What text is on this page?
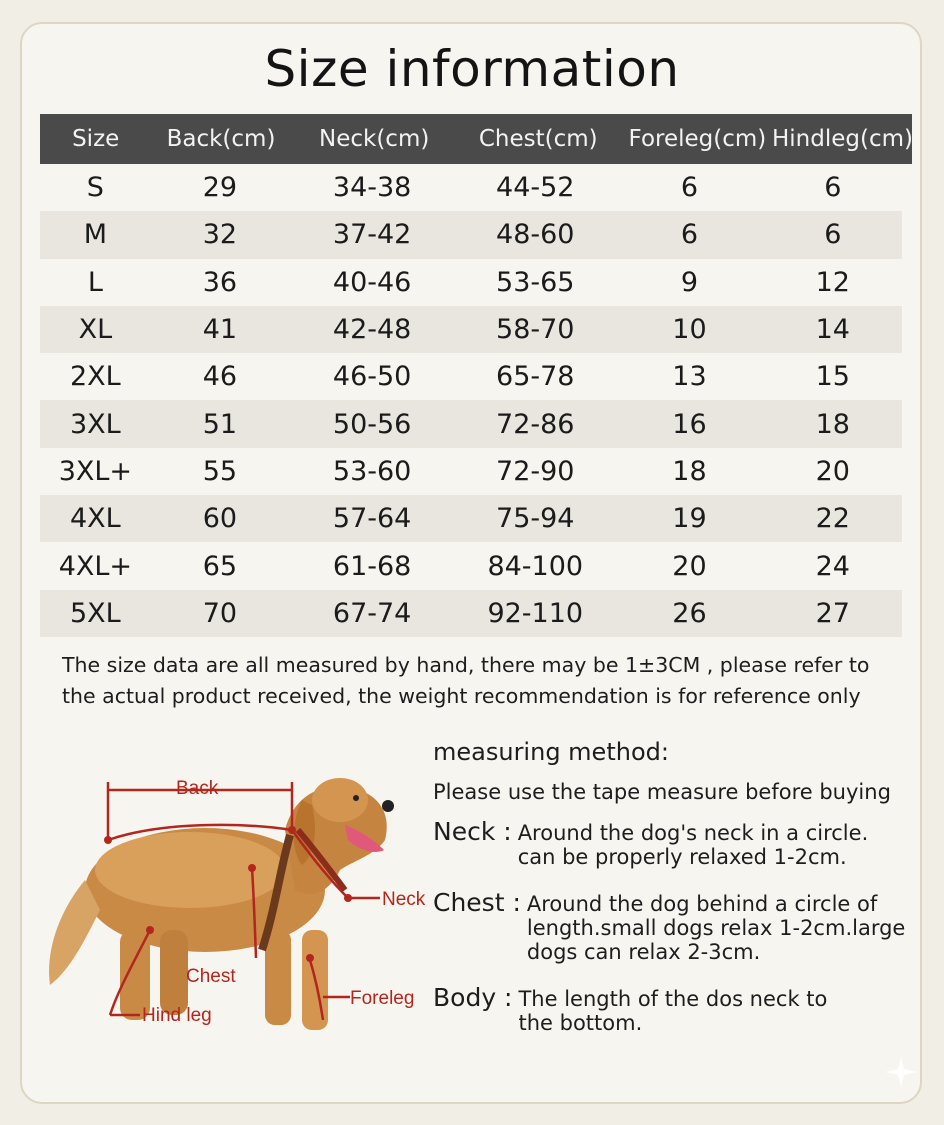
Size information
Size	Back(cm)	Neck(cm)	Chest(cm)	Foreleg(cm) Hindleg(cm)
S	29	34-38	44-52	6	6
M	32	37-42	48-60	6	6
L	36	40-46	53-65	9	12
XL	41	42-48	58-70	10	14
2XL	46	46-50	65-78	13	15
3XL	51	50-56	72-86	16	18
3XL+	55	53-60	72-90	18	20
4XL	60	57-64	75-94	19	22
4XL+	65	61-68	84-100	20	24
5XL	70	67-74	92-110	26	27
The size data are all measured by hand, there may be 1±3CM , please refer to
the actual product received, the weight recommendation is for reference only
Back
Neck
Chest
Foreleg
Hind leg
measuring method:
Please use the tape measure before buying
Neck : Around the dog's neck in a circle.
can be properly relaxed 1-2cm.
Chest : Around the dog behind a circle of
length.small dogs relax 1-2cm.large
dogs can relax 2-3cm.
Body : The length of the dos neck to
the bottom.
